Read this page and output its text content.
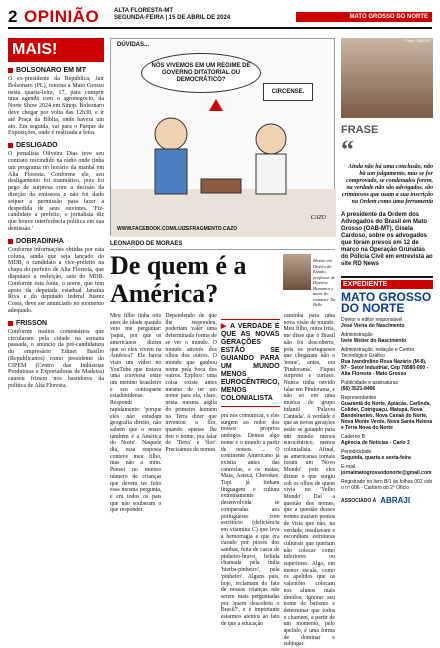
2 OPINIÃO ALTA FLORESTA-MT
SEGUNDA-FEIRA | 15 DE ABRIL DE 2024	MATO GROSSO DO NORTE
MAIS!
BOLSONARO EM MT

O ex-presidente da República, Jair Bolsonaro (PL), retorna a Mato Grosso nesta quarta-feira, 17, para cumprir uma agenda com o agronegócio, da Norte Show 2024 em Sinop. Bolsonaro deve chegar por volta das 12h30, e ir até Praça da Bíblia, onde haverá um ato. Em seguida, vai para o Parque de Exposições, onde é realizada a feira.

DESLIGADO

O jornalista Oliveira Dias teve seu contrato rescindido na rádio onde tinha um programa no horário da manhã em Alta Floresta. Conforme ele, seu desligamento foi traumático, pois foi pego de surpresa com a decisão da direção da emissora e não foi dado sequer a permissão para fazer a despedida de seus ouvintes. 'Fiz-candidato a prefeito, o jornalista diz que houve interferência política em sua demissão.'

DOBRADINHA

Conforme informações obtidas por esta coluna, ainda que seja lançado do MDB, o candidato a vice-prefeito na chapa do prefeito de Alta Floresta, que disputará a reeleição, saiu do MDB. Conforme esta fonte, o nome, que tem apoio da deputada estadual Janaina Riva e do deputado federal Juarez Costa, deve ser anunciado no momento adequado.

FRISSON

Conforme muitos comentários que circularam pela cidade na semana passada, o anúncio da pré-candidatura do empresário Edinei Basílio (Republicanos) como presidente do CIPEM (Centro das Indústrias Produtoras e Exportadoras de Madeira) causou frisson nos bastidores da política de Alta Floresta.

DÚVIDAS...
NÓS VIVEMOS EM UM REGIME DE GOVERNO DITATORIAL OU DEMOCRÁTICO?
CIRCENSE.
CAZO
WWW.FACEBOOK.COM/LUIZEFRAGMENTO.CAZO
LEONARDO DE MORAES
De quem é a América?
Mestre em Direito do Estado, professor de Direitos Humanos e autor do romance Tia Belle
Meu filho tinha oito anos de idade quando veio me perguntar: 'papai, por que os americanos dizem que só eles vivem na América?' Ele havia visto um vídeo no YouTube que tratava uma conversa entre um menino brasileiro e seu contraparte estadunidense. Respondi rapidamente: 'porque eles não estudam geografia direito, não sabem que o nosso também é a América do Norte'. Naquele dia, essa resposta conteve meu filho, mas não a mim. Pensei no imenso número de crianças que devem ter feito essa mesma pergunta, e em todos os pais que não souberam o que responder.
Dependendo de que lhe respondeu, poderiam valer uma determinada forma de se ver o mundo. O mundo através dos olhos dos outros. O mundo que ganhou nome pela boca dos outros. Explico: uma coisa existe antes mesmo de ter um nome para ela, claro, nesta mesma argila do primeiro homem na Terra dizer que inventou a flor, quando apenas lhe deu o nome, pra falar de 'Terra' e 'flor'. Precisamos de nomes
▶ A VERDADE É QUE AS NOVAS GERAÇÕES ESTÃO SE GUIANDO PARA UM MUNDO MENOS EUROCÊNTRICO, MENOS COLONIALISTA
pra nos comunicar, e eles surgem ao redor dos nossos próprios umbigos. Demos algo nome e o mundo a partir de nossos ... O continente Americano já existia antes das caravelas, e os maias, Maia, Asteca, Cherokee, Tupi já tinham linguagem e cultura extremamente desenvolvida se comparadas aos portugueses com escritório (deficiência em vitamina C) que leva a hemorragia e que era curado por piores dos sambas, feita de casca de pinheiro-bravo, bebida chamada pela índia 'hierba-pinheiro', pela 'pinheiro'. Alguns pais, hoje, reclamam do fato de nossas crianças não serem mais perguntadas por 'quem descobriu o Brasil?', e é importante estarmos atentos ao fato de que a educação
caminha para uma nova visão de mundo. Meu filho, outra frita, me disse que o Brasil não foi descoberto, pois os portugueses que chegaram não o 'nome', antes, era 'Pindorama'. Fiquei surpreso e curioso. Nunca tinha ouvido falar em Pindorama, e não só em uma música do grupo infantil 'Palavra Cantada'. A verdade é que as novas gerações estão se guiando para um mundo menos eurocêntrico, menos colonialista. Afinal, as americanas tornais foram um 'Novo Mundo' pois eles dizem o que surgiu sob os olhos de quem vivia no 'Velho Mundo'. Daí a questão dos nomes, que a questão desses nomes traziam pontos de vista que não, na verdade, insultavam e escondiam estruturas culturais que queriam não colocar como inferiores ou superiores. Algo, em menor escala, como os apelidos que os valentões colocam nos alunos mais tímidos; ignorar seu nome de batismo e determinar que todos o chamem, a partir de um momento, pelo apelido, é uma forma de dominar e subjugar.
Foto: OAB-MT
FRASE
“
Ainda não há uma conclusão, não há um julgamento, mas se for comprovado, se condenados forem, na verdade não são advogados, são criminosos que usam a sua inscrição na Ordem como uma ferramenta
A presidente da Ordem dos Advogados do Brasil em Mato Grosso (OAB-MT), Gisela Cardoso, sobre os advogados que foram presos em 12 de março na Operação Grunatas do Polícia Civil em entrevista ao site RD News
EXPEDIENTE
MATO GROSSO DO NORTE
Diretor e editor responsável
José Vieira do Nascimento
Administração
Ivete Weber do Nascimento
Administração, redação e Centro Tecnológico Gráfico
Rua Ivandrelino Rosa Nazário (M-8), 97 - Setor Industrial, Cep 78580-000 - Alta Floresta - Mato Grosso
Publicidade e assinaturas
(66) 3521-8406
Representantes
Guarantã do Norte, Apiacás, Carlinda, Colíder, Cotriguaçu, Matupá, Nova Bandeirantes, Nova Canaã do Norte, Nova Monte Verde, Nova Santa Helena e Terra Nova do Norte
Caderno B
Agência de Notícias - Carlo 2
Periodicidade
Segunda, quarta e sexta-feira
E-mail
jornalmatogrossodonorte@gmail.com
Registrado no livro B/1 às folhas 002 sob o nº 006 - Cartório do 2º Ofício
ASSOCIADO À ABRAJI
